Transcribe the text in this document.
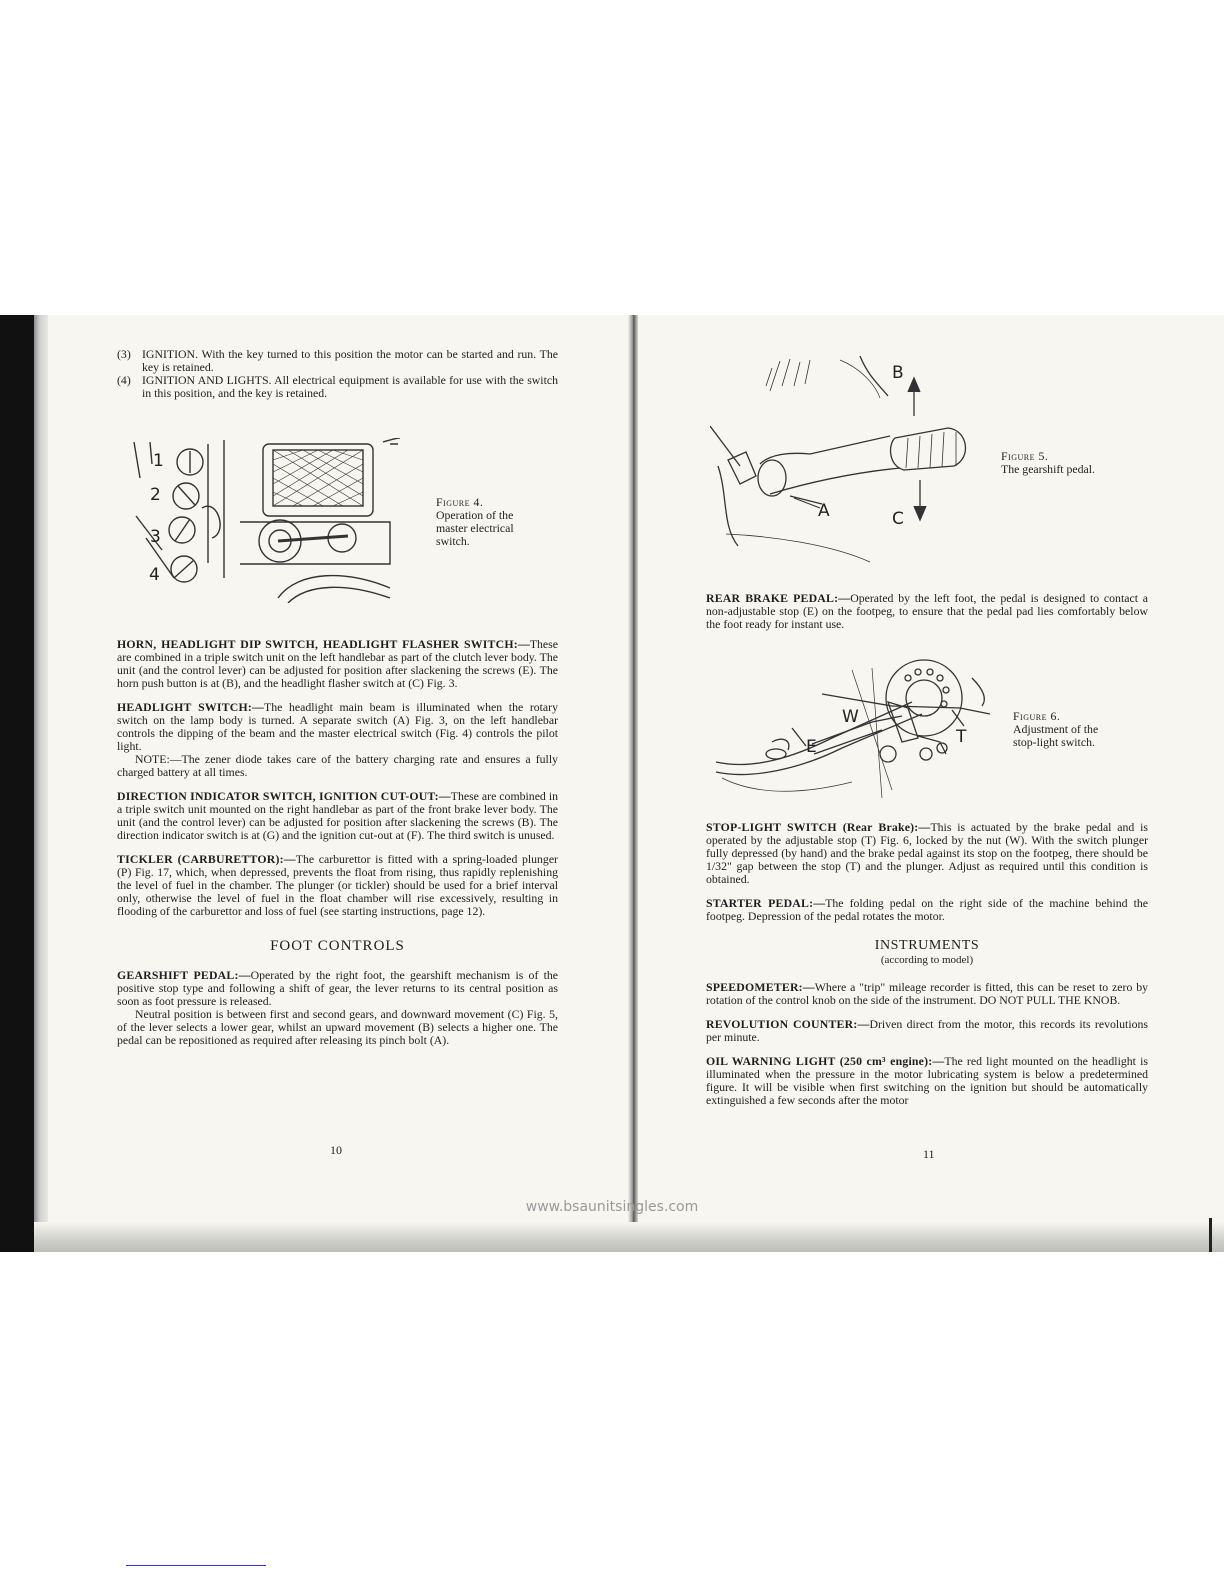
(3) IGNITION. With the key turned to this position the motor can be started and run. The key is retained.

(4) IGNITION AND LIGHTS. All electrical equipment is available for use with the switch in this position, and the key is retained.

HORN, HEADLIGHT DIP SWITCH, HEADLIGHT FLASHER SWITCH:—These are combined in a triple switch unit on the left handlebar as part of the clutch lever body. The unit (and the control lever) can be adjusted for position after slackening the screws (E). The horn push button is at (B), and the headlight flasher switch at (C) Fig. 3.

HEADLIGHT SWITCH:—The headlight main beam is illuminated when the rotary switch on the lamp body is turned. A separate switch (A) Fig. 3, on the left handlebar controls the dipping of the beam and the master electrical switch (Fig. 4) controls the pilot light.

NOTE:—The zener diode takes care of the battery charging rate and ensures a fully charged battery at all times.

DIRECTION INDICATOR SWITCH, IGNITION CUT-OUT:—These are combined in a triple switch unit mounted on the right handlebar as part of the front brake lever body. The unit (and the control lever) can be adjusted for position after slackening the screws (B). The direction indicator switch is at (G) and the ignition cut-out at (F). The third switch is unused.

TICKLER (CARBURETTOR):—The carburettor is fitted with a spring-loaded plunger (P) Fig. 17, which, when depressed, prevents the float from rising, thus rapidly replenishing the level of fuel in the chamber. The plunger (or tickler) should be used for a brief interval only, otherwise the level of fuel in the float chamber will rise excessively, resulting in flooding of the carburettor and loss of fuel (see starting instructions, page 12).

FOOT CONTROLS

GEARSHIFT PEDAL:—Operated by the right foot, the gearshift mechanism is of the positive stop type and following a shift of gear, the lever returns to its central position as soon as foot pressure is released.

Neutral position is between first and second gears, and downward movement (C) Fig. 5, of the lever selects a lower gear, whilst an upward movement (B) selects a higher one. The pedal can be repositioned as required after releasing its pinch bolt (A).

1
2
3
4
Figure 4.
Operation of the master electrical switch.
10
B
A	C
Figure 5.
The gearshift pedal.
W
E	T
Figure 6.
Adjustment of the stop-light switch.

REAR BRAKE PEDAL:—Operated by the left foot, the pedal is designed to contact a non-adjustable stop (E) on the footpeg, to ensure that the pedal pad lies comfortably below the foot ready for instant use.

STOP-LIGHT SWITCH (Rear Brake):—This is actuated by the brake pedal and is operated by the adjustable stop (T) Fig. 6, locked by the nut (W). With the switch plunger fully depressed (by hand) and the brake pedal against its stop on the footpeg, there should be 1/32" gap between the stop (T) and the plunger. Adjust as required until this condition is obtained.

STARTER PEDAL:—The folding pedal on the right side of the machine behind the footpeg. Depression of the pedal rotates the motor.

INSTRUMENTS

(according to model)

SPEEDOMETER:—Where a "trip" mileage recorder is fitted, this can be reset to zero by rotation of the control knob on the side of the instrument. DO NOT PULL THE KNOB.

REVOLUTION COUNTER:—Driven direct from the motor, this records its revolutions per minute.

OIL WARNING LIGHT (250 cm³ engine):—The red light mounted on the headlight is illuminated when the pressure in the motor lubricating system is below a predetermined figure. It will be visible when first switching on the ignition but should be automatically extinguished a few seconds after the motor

11
www.bsaunitsingles.com
